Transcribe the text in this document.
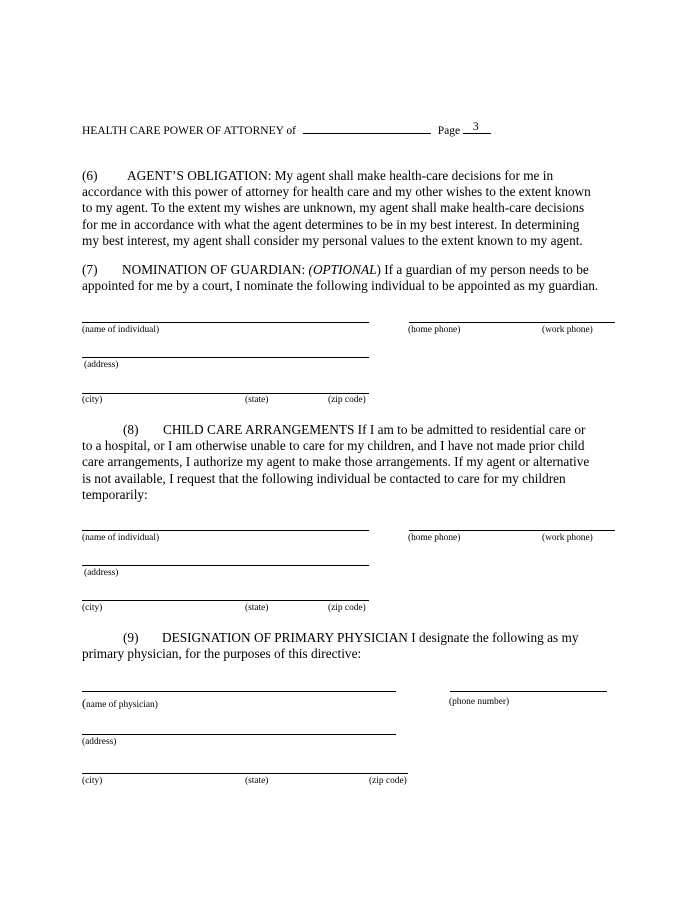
HEALTH CARE POWER OF ATTORNEY of	Page 3
(6) AGENT’S OBLIGATION: My agent shall make health-care decisions for me in
accordance with this power of attorney for health care and my other wishes to the extent known
to my agent. To the extent my wishes are unknown, my agent shall make health-care decisions
for me in accordance with what the agent determines to be in my best interest. In determining
my best interest, my agent shall consider my personal values to the extent known to my agent.
(7) NOMINATION OF GUARDIAN: (OPTIONAL) If a guardian of my person needs to be
appointed for me by a court, I nominate the following individual to be appointed as my guardian.
(name of individual)	(home phone)	(work phone)
(address)
(city)	(state)	(zip code)
(8) CHILD CARE ARRANGEMENTS If I am to be admitted to residential care or
to a hospital, or I am otherwise unable to care for my children, and I have not made prior child
care arrangements, I authorize my agent to make those arrangements. If my agent or alternative
is not available, I request that the following individual be contacted to care for my children
temporarily:
(name of individual)	(home phone)	(work phone)
(address)
(city)	(state)	(zip code)
(9) DESIGNATION OF PRIMARY PHYSICIAN I designate the following as my
primary physician, for the purposes of this directive:
(name of physician)	(phone number)
(address)
(city)	(state)	(zip code)
